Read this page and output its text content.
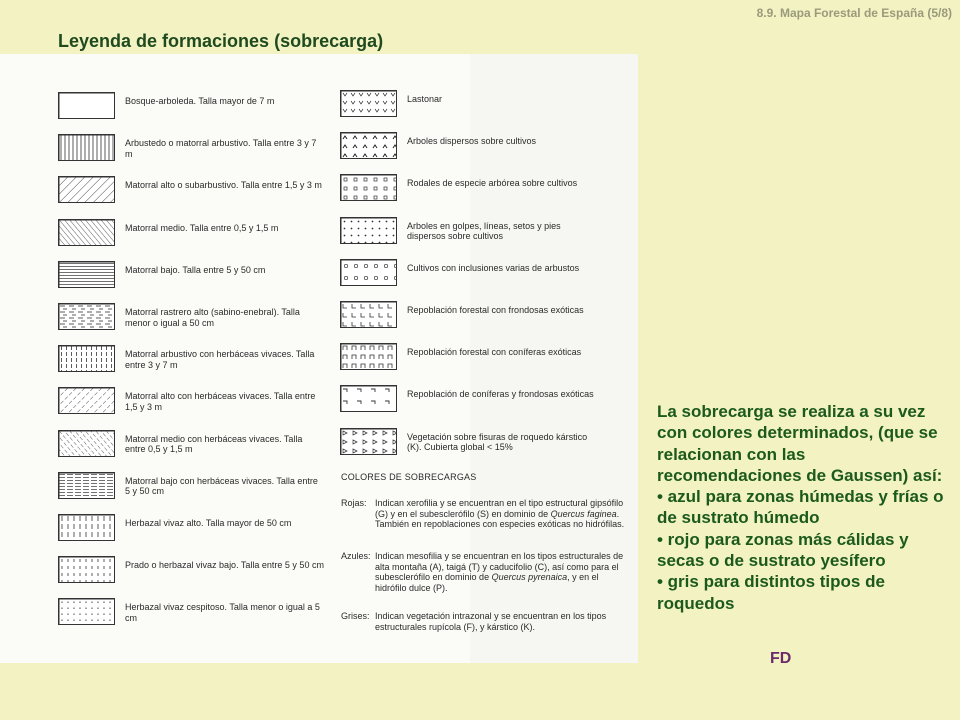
8.9. Mapa Forestal de España (5/8)
Leyenda de formaciones (sobrecarga)
Bosque-arboleda. Talla mayor de 7 m
Arbustedo o matorral arbustivo. Talla entre 3 y 7 m
Matorral alto o subarbustivo. Talla entre 1,5 y 3 m
Matorral medio. Talla entre 0,5 y 1,5 m
Matorral bajo. Talla entre 5 y 50 cm
Matorral rastrero alto (sabino-enebral). Talla menor o igual a 50 cm
Matorral arbustivo con herbáceas vivaces. Talla entre 3 y 7 m
Matorral alto con herbáceas vivaces. Talla entre 1,5 y 3 m
Matorral medio con herbáceas vivaces. Talla entre 0,5 y 1,5 m
Matorral bajo con herbáceas vivaces. Talla entre 5 y 50 cm
Herbazal vivaz alto. Talla mayor de 50 cm
Prado o herbazal vivaz bajo. Talla entre 5 y 50 cm
Herbazal vivaz cespitoso. Talla menor o igual a 5 cm
Lastonar
Arboles dispersos sobre cultivos
Rodales de especie arbórea sobre cultivos
Arboles en golpes, líneas, setos y pies dispersos sobre cultivos
Cultivos con inclusiones varias de arbustos
Repoblación forestal con frondosas exóticas
Repoblación forestal con coníferas exóticas
Repoblación de coníferas y frondosas exóticas
Vegetación sobre fisuras de roquedo kárstico (K). Cubierta global < 15%
COLORES DE SOBRECARGAS
Rojas: Indican xerofilia y se encuentran en el tipo estructural gipsófilo (G) y en el subesclerófilo (S) en dominio de Quercus faginea. También en repoblaciones con especies exóticas no hidrófilas.
Azules: Indican mesofilia y se encuentran en los tipos estructurales de alta montaña (A), taigá (T) y caducifolio (C), así como para el subesclerófilo en dominio de Quercus pyrenaica, y en el hidrófilo dulce (P).
Grises: Indican vegetación intrazonal y se encuentran en los tipos estructurales rupícola (F), y kárstico (K).

La sobrecarga se realiza a su vez con colores determinados, (que se relacionan con las recomendaciones de Gaussen) así:

• azul para zonas húmedas y frías o de sustrato húmedo

• rojo para zonas más cálidas y secas o de sustrato yesífero

• gris para distintos tipos de roquedos

FD
